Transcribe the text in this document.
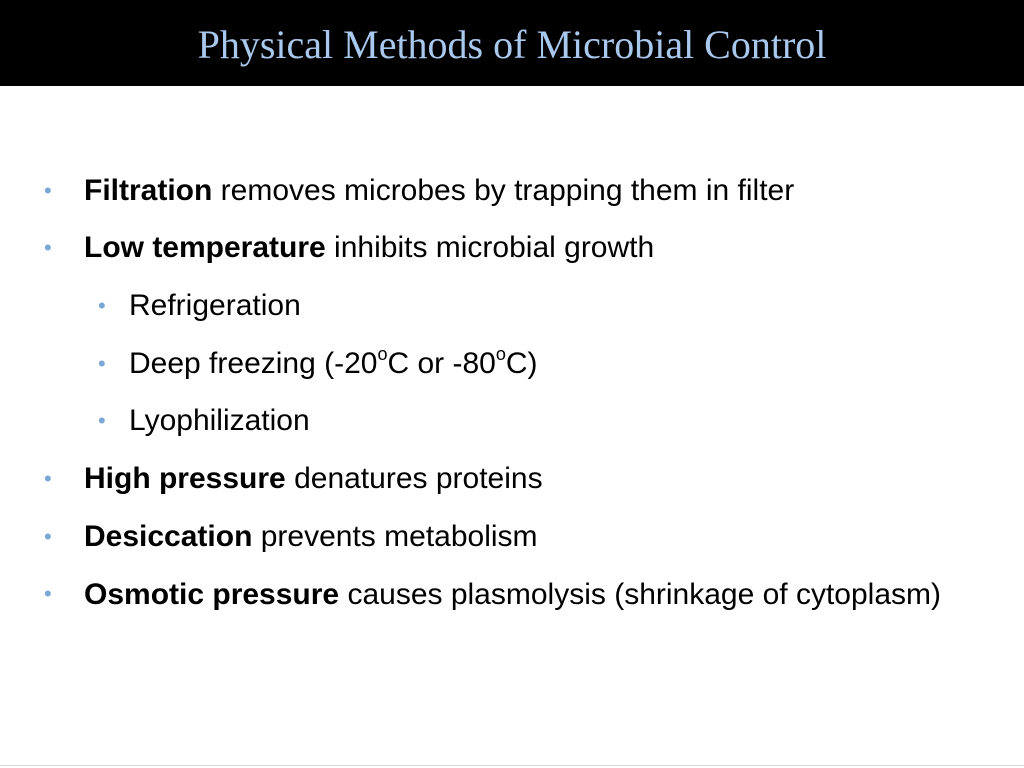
Physical Methods of Microbial Control
• Filtration removes microbes by trapping them in filter
• Low temperature inhibits microbial growth
• Refrigeration
• Deep freezing (-20$^o$C or -80$^o$C)
• Lyophilization
• High pressure denatures proteins
• Desiccation prevents metabolism
• Osmotic pressure causes plasmolysis (shrinkage of cytoplasm)
